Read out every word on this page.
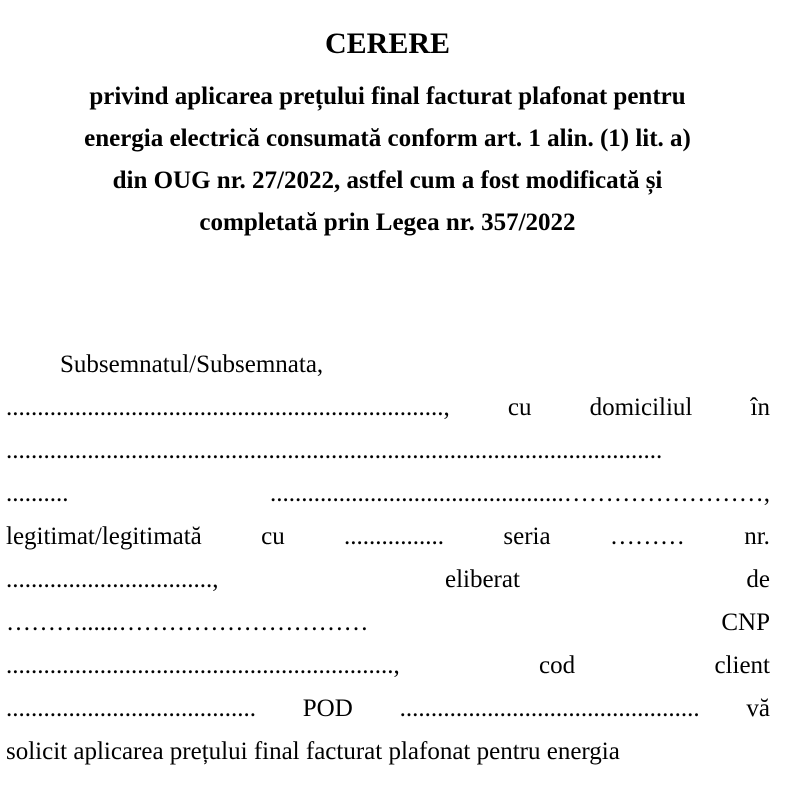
CERERE
privind aplicarea prețului final facturat plafonat pentru
energia electrică consumată conform art. 1 alin. (1) lit. a)
din OUG nr. 27/2022, astfel cum a fost modificată și
completată prin Legea nr. 357/2022
Subsemnatul/Subsemnata,
......................................................................, cu domiciliul în
.........................................................................................................
..........	...............................................……………………,
legitimat/legitimată cu ................ seria ……… nr.
.................................,	eliberat	de
………......…………………………	CNP
..............................................................,	cod	client
........................................ POD ................................................ vă
solicit aplicarea prețului final facturat plafonat pentru energia
